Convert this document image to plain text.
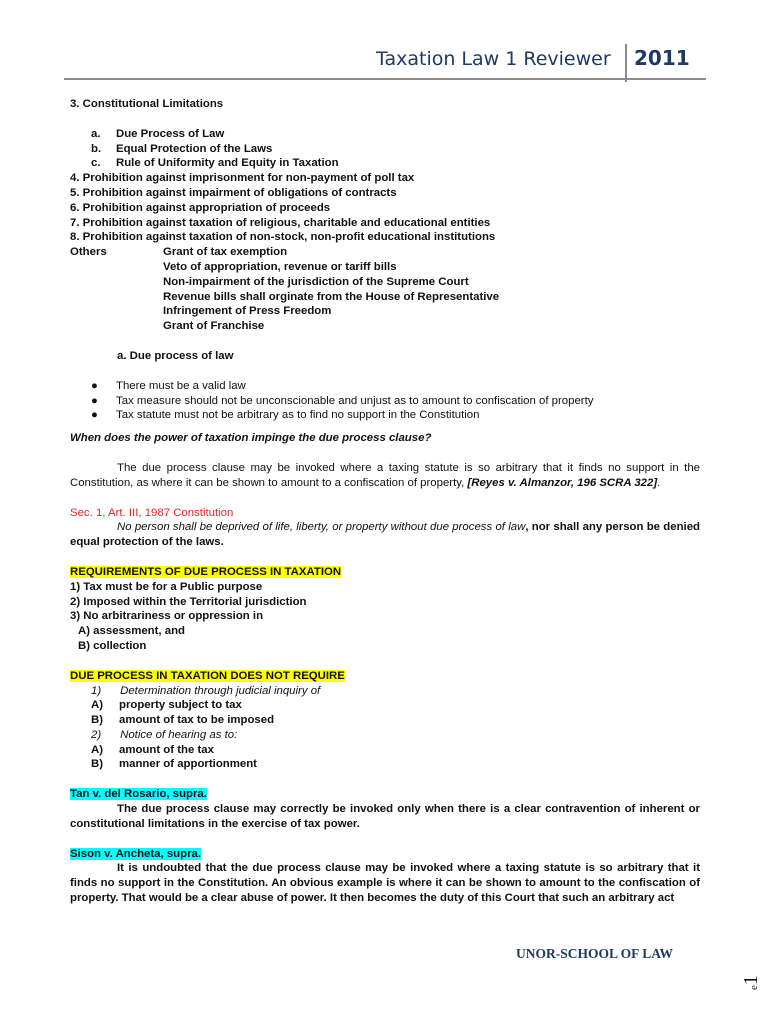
Taxation Law 1 Reviewer 2011
3. Constitutional Limitations
a. Due Process of Law
b. Equal Protection of the Laws
c. Rule of Uniformity and Equity in Taxation
4. Prohibition against imprisonment for non-payment of poll tax
5. Prohibition against impairment of obligations of contracts
6. Prohibition against appropriation of proceeds
7. Prohibition against taxation of religious, charitable and educational entities
8. Prohibition against taxation of non-stock, non-profit educational institutions
Others	Grant of tax exemption
Veto of appropriation, revenue or tariff bills
Non-impairment of the jurisdiction of the Supreme Court
Revenue bills shall orginate from the House of Representative
Infringement of Press Freedom
Grant of Franchise
a. Due process of law
● There must be a valid law
● Tax measure should not be unconscionable and unjust as to amount to confiscation of property
● Tax statute must not be arbitrary as to find no support in the Constitution
When does the power of taxation impinge the due process clause?

The due process clause may be invoked where a taxing statute is so arbitrary that it finds no support in the Constitution, as where it can be shown to amount to a confiscation of property, [Reyes v. Almanzor, 196 SCRA 322].

Sec. 1, Art. III, 1987 Constitution

No person shall be deprived of life, liberty, or property without due process of law, nor shall any person be denied equal protection of the laws.

REQUIREMENTS OF DUE PROCESS IN TAXATION
1) Tax must be for a Public purpose
2) Imposed within the Territorial jurisdiction
3) No arbitrariness or oppression in
A) assessment, and
B) collection
DUE PROCESS IN TAXATION DOES NOT REQUIRE
1)      Determination through judicial inquiry of
A) property subject to tax
B) amount of tax to be imposed
2)      Notice of hearing as to:
A) amount of the tax
B) manner of apportionment
Tan v. del Rosario, supra.

The due process clause may correctly be invoked only when there is a clear contravention of inherent or constitutional limitations in the exercise of tax power.

Sison v. Ancheta, supra.

It is undoubted that the due process clause may be invoked where a taxing statute is so arbitrary that it finds no support in the Constitution. An obvious example is where it can be shown to amount to the confiscation of property. That would be a clear abuse of power. It then becomes the duty of this Court that such an arbitrary act

UNOR-SCHOOL OF LAW
e1
